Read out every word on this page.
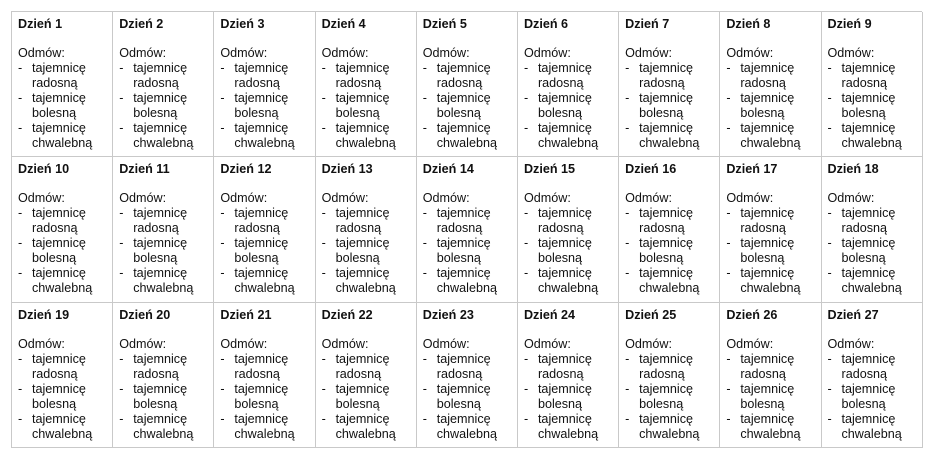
Dzień 1
Odmów:
- tajemnicę
radosną
- tajemnicę
bolesną
- tajemnicę
chwalebną
Dzień 2
Odmów:
- tajemnicę
radosną
- tajemnicę
bolesną
- tajemnicę
chwalebną
Dzień 3
Odmów:
- tajemnicę
radosną
- tajemnicę
bolesną
- tajemnicę
chwalebną
Dzień 4
Odmów:
- tajemnicę
radosną
- tajemnicę
bolesną
- tajemnicę
chwalebną
Dzień 5
Odmów:
- tajemnicę
radosną
- tajemnicę
bolesną
- tajemnicę
chwalebną
Dzień 6
Odmów:
- tajemnicę
radosną
- tajemnicę
bolesną
- tajemnicę
chwalebną
Dzień 7
Odmów:
- tajemnicę
radosną
- tajemnicę
bolesną
- tajemnicę
chwalebną
Dzień 8
Odmów:
- tajemnicę
radosną
- tajemnicę
bolesną
- tajemnicę
chwalebną
Dzień 9
Odmów:
- tajemnicę
radosną
- tajemnicę
bolesną
- tajemnicę
chwalebną
Dzień 10
Odmów:
- tajemnicę
radosną
- tajemnicę
bolesną
- tajemnicę
chwalebną
Dzień 11
Odmów:
- tajemnicę
radosną
- tajemnicę
bolesną
- tajemnicę
chwalebną
Dzień 12
Odmów:
- tajemnicę
radosną
- tajemnicę
bolesną
- tajemnicę
chwalebną
Dzień 13
Odmów:
- tajemnicę
radosną
- tajemnicę
bolesną
- tajemnicę
chwalebną
Dzień 14
Odmów:
- tajemnicę
radosną
- tajemnicę
bolesną
- tajemnicę
chwalebną
Dzień 15
Odmów:
- tajemnicę
radosną
- tajemnicę
bolesną
- tajemnicę
chwalebną
Dzień 16
Odmów:
- tajemnicę
radosną
- tajemnicę
bolesną
- tajemnicę
chwalebną
Dzień 17
Odmów:
- tajemnicę
radosną
- tajemnicę
bolesną
- tajemnicę
chwalebną
Dzień 18
Odmów:
- tajemnicę
radosną
- tajemnicę
bolesną
- tajemnicę
chwalebną
Dzień 19
Odmów:
- tajemnicę
radosną
- tajemnicę
bolesną
- tajemnicę
chwalebną
Dzień 20
Odmów:
- tajemnicę
radosną
- tajemnicę
bolesną
- tajemnicę
chwalebną
Dzień 21
Odmów:
- tajemnicę
radosną
- tajemnicę
bolesną
- tajemnicę
chwalebną
Dzień 22
Odmów:
- tajemnicę
radosną
- tajemnicę
bolesną
- tajemnicę
chwalebną
Dzień 23
Odmów:
- tajemnicę
radosną
- tajemnicę
bolesną
- tajemnicę
chwalebną
Dzień 24
Odmów:
- tajemnicę
radosną
- tajemnicę
bolesną
- tajemnicę
chwalebną
Dzień 25
Odmów:
- tajemnicę
radosną
- tajemnicę
bolesną
- tajemnicę
chwalebną
Dzień 26
Odmów:
- tajemnicę
radosną
- tajemnicę
bolesną
- tajemnicę
chwalebną
Dzień 27
Odmów:
- tajemnicę
radosną
- tajemnicę
bolesną
- tajemnicę
chwalebną
